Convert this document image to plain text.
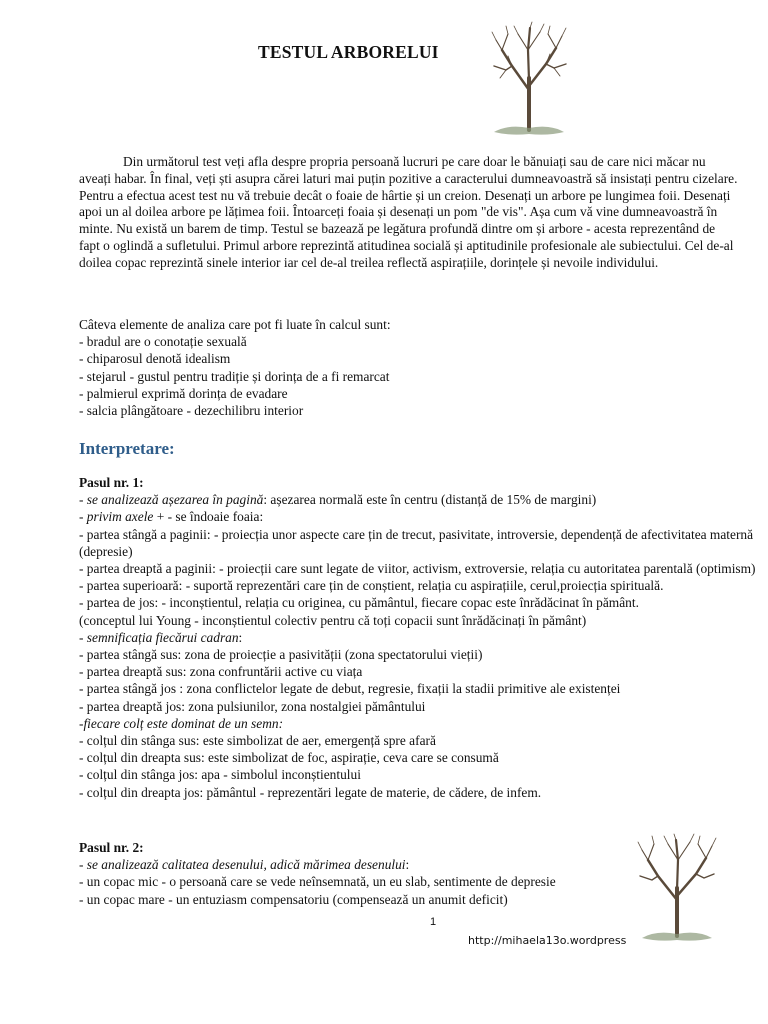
TESTUL ARBORELUI

Din următorul test veți afla despre propria persoană lucruri pe care doar le bănuiați sau de care nici măcar nu aveați habar. În final, veți ști asupra cărei laturi mai puțin pozitive a caracterului dumneavoastră să insistați pentru cizelare. Pentru a efectua acest test nu vă trebuie decât o foaie de hârtie și un creion. Desenați un arbore pe lungimea foii. Desenați apoi un al doilea arbore pe lățimea foii. Întoarceți foaia și desenați un pom "de vis". Așa cum vă vine dumneavoastră în minte. Nu există un barem de timp. Testul se bazează pe legătura profundă dintre om și arbore - acesta reprezentând de fapt o oglindă a sufletului. Primul arbore reprezintă atitudinea socială și aptitudinile profesionale ale subiectului. Cel de-al doilea copac reprezintă sinele interior iar cel de-al treilea reflectă aspirațiile, dorințele și nevoile individului.

Câteva elemente de analiza care pot fi luate în calcul sunt:
- bradul are o conotație sexuală
- chiparosul denotă idealism
- stejarul - gustul pentru tradiție și dorința de a fi remarcat
- palmierul exprimă dorința de evadare
- salcia plângătoare - dezechilibru interior
Interpretare:
Pasul nr. 1:
- se analizează așezarea în pagină: așezarea normală este în centru (distanță de 15% de margini)
- privim axele + - se îndoaie foaia:
- partea stângă a paginii: - proiecția unor aspecte care țin de trecut, pasivitate, introversie, dependență de afectivitatea maternă (depresie)
- partea dreaptă a paginii: - proiecții care sunt legate de viitor, activism, extroversie, relația cu autoritatea parentală (optimism)
- partea superioară: - suportă reprezentări care țin de conștient, relația cu aspirațiile, cerul,proiecția spirituală.
- partea de jos: - inconștientul, relația cu originea, cu pământul, fiecare copac este înrădăcinat în pământ.
(conceptul lui Young - inconștientul colectiv pentru că toți copacii sunt înrădăcinați în pământ)
- semnificația fiecărui cadran:
- partea stângă sus: zona de proiecție a pasivității (zona spectatorului vieții)
- partea dreaptă sus: zona confruntării active cu viața
- partea stângă jos : zona conflictelor legate de debut, regresie, fixații la stadii primitive ale existenței
- partea dreaptă jos: zona pulsiunilor, zona nostalgiei pământului
-fiecare colț este dominat de un semn:
- colțul din stânga sus: este simbolizat de aer, emergență spre afară
- colțul din dreapta sus: este simbolizat de foc, aspirație, ceva care se consumă
- colțul din stânga jos: apa - simbolul inconștientului
- colțul din dreapta jos: pământul - reprezentări legate de materie, de cădere, de infem.
Pasul nr. 2:
- se analizează calitatea desenului, adică mărimea desenului:
- un copac mic - o persoană care se vede neînsemnată, un eu slab, sentimente de depresie
- un copac mare - un entuziasm compensatoriu (compensează un anumit deficit)
1
http://mihaela13o.wordpress
